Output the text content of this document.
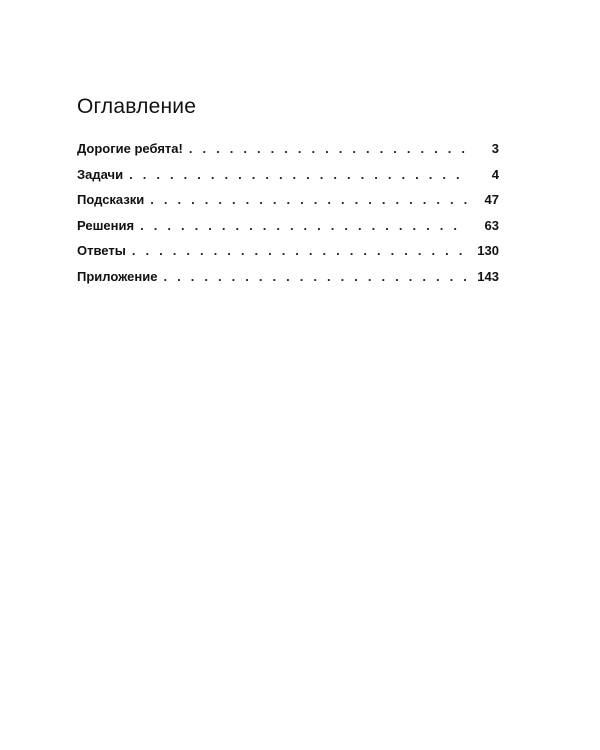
Оглавление
Дорогие ребята! . . .	3
Задачи . . .	4
Подсказки . . .	47
Решения . . .	63
Ответы . . .	130
Приложение . . .	143
